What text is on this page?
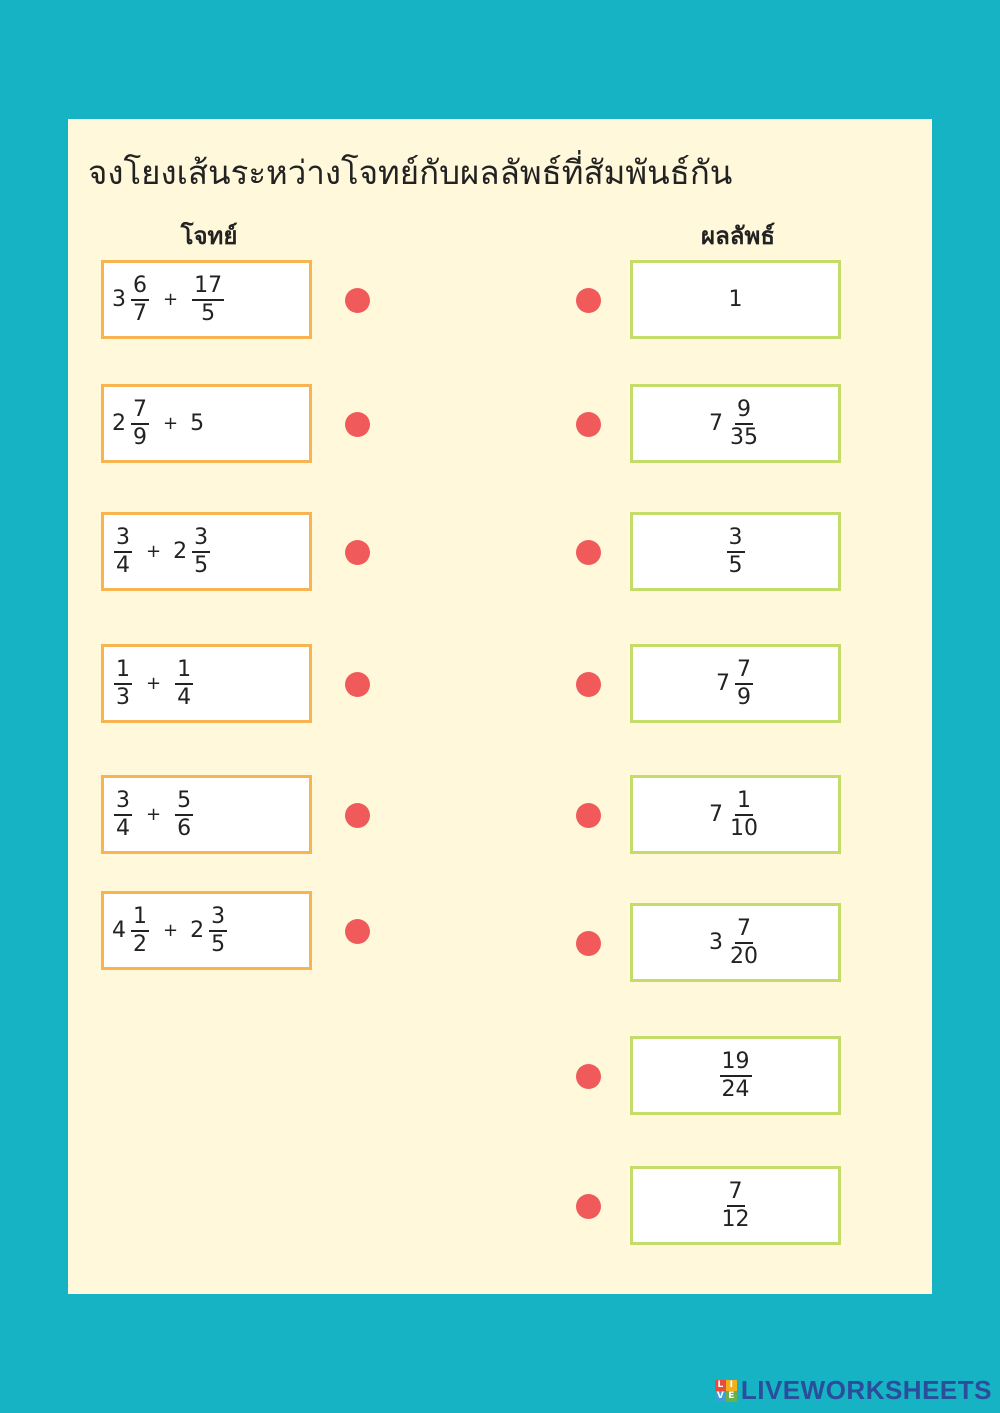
จงโยงเส้นระหว่างโจทย์กับผลลัพธ์ที่สัมพันธ์กัน
โจทย์	ผลลัพธ์
$3 \frac{6}{7} + \frac{17}{5}$
$2 \frac{7}{9} + 5$
$\frac{3}{4} + 2 \frac{3}{5}$
$\frac{1}{3} + \frac{1}{4}$
$\frac{3}{4} + \frac{5}{6}$
$4 \frac{1}{2} + 2 \frac{3}{5}$
1
$7 \frac{9}{35}$
$\frac{3}{5}$
$7 \frac{7}{9}$
$7 \frac{1}{10}$
$3 \frac{7}{20}$
$\frac{19}{24}$
$\frac{7}{12}$
L I
V E LIVEWORKSHEETS
